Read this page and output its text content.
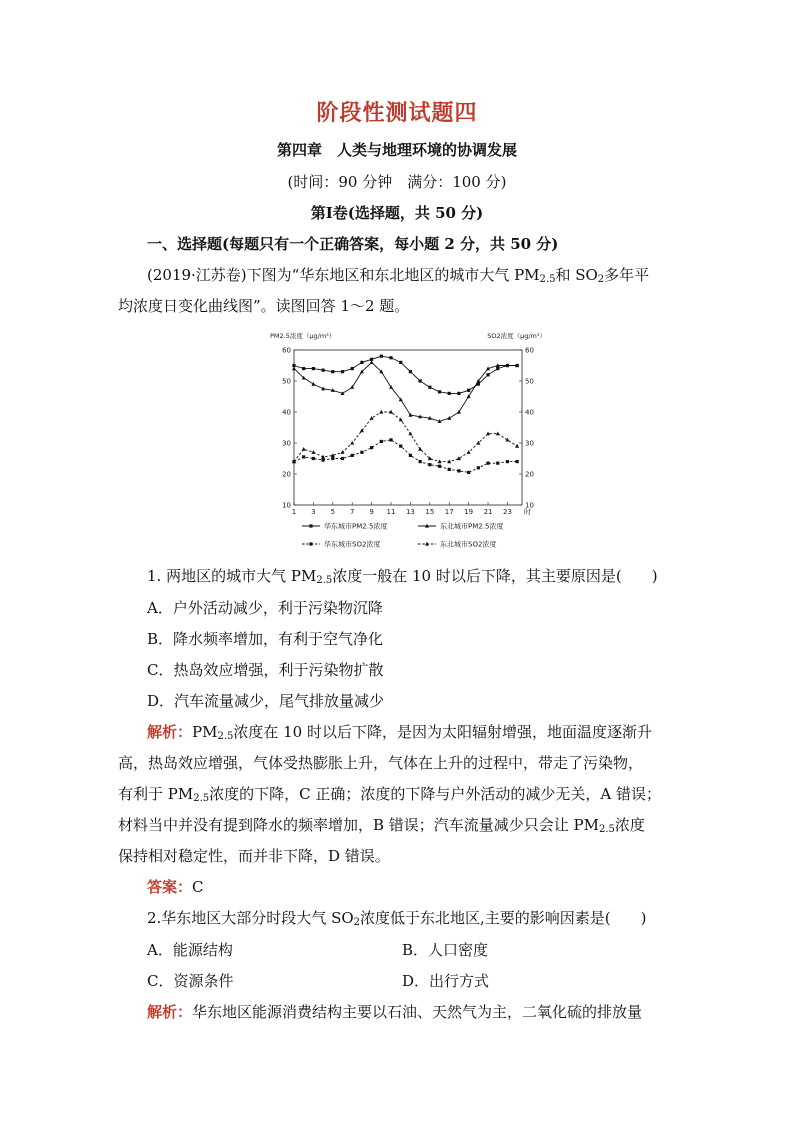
阶段性测试题四
第四章　人类与地理环境的协调发展
(时间：90 分钟　满分：100 分)
第Ⅰ卷(选择题，共 50 分)
一、选择题(每题只有一个正确答案，每小题 2 分，共 50 分)
(2019·江苏卷)下图为“华东地区和东北地区的城市大气 $PM_{2.5}$和 $SO_2$多年平
均浓度日变化曲线图”。读图回答 1～2 题。
PM2.5浓度（μg/m³）	SO2浓度（μg/m³）
10	10
20	20
30	30
40	40
50	50
60	60
1 3 5 7 9 11 13 15 17 19 21 23 时
华东城市PM2.5浓度	东北城市PM2.5浓度
华东城市SO2浓度	东北城市SO2浓度
1. 两地区的城市大气 $PM_{2.5}$浓度一般在 10 时以后下降，其主要原因是(　　)
A．户外活动减少，利于污染物沉降
B．降水频率增加，有利于空气净化
C．热岛效应增强，利于污染物扩散
D．汽车流量减少，尾气排放量减少
解析：$PM_{2.5}$浓度在 10 时以后下降，是因为太阳辐射增强，地面温度逐渐升
高，热岛效应增强，气体受热膨胀上升，气体在上升的过程中，带走了污染物，
有利于 $PM_{2.5}$浓度的下降，C 正确；浓度的下降与户外活动的减少无关，A 错误；
材料当中并没有提到降水的频率增加，B 错误；汽车流量减少只会让 $PM_{2.5}$浓度
保持相对稳定性，而并非下降，D 错误。
答案：C
2.华东地区大部分时段大气 $SO_2$浓度低于东北地区,主要的影响因素是(　　)
A．能源结构	B．人口密度
C．资源条件	D．出行方式
解析：华东地区能源消费结构主要以石油、天然气为主，二氧化硫的排放量
